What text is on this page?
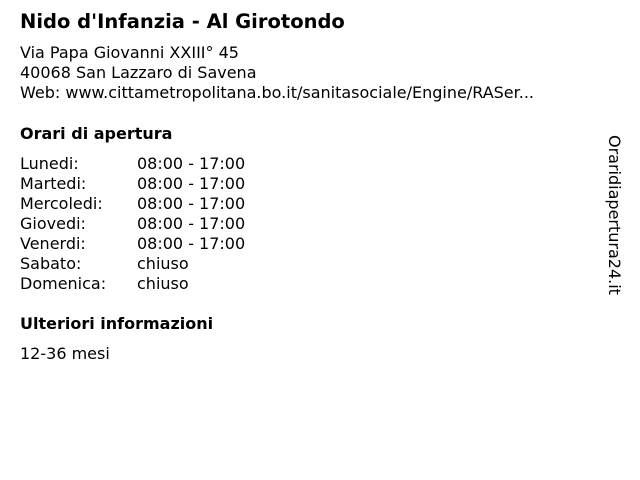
Nido d'Infanzia - Al Girotondo
Via Papa Giovanni XXIII° 45
40068 San Lazzaro di Savena
Web: www.cittametropolitana.bo.it/sanitasociale/Engine/RASer...
Orari di apertura
Lunedi:	08:00 - 17:00
Martedi:	08:00 - 17:00
Mercoledi: 08:00 - 17:00
Giovedi:	08:00 - 17:00
Venerdi:	08:00 - 17:00
Sabato:	chiuso
Domenica: chiuso
Ulteriori informazioni
12-36 mesi
Oraridiapertura24.it
